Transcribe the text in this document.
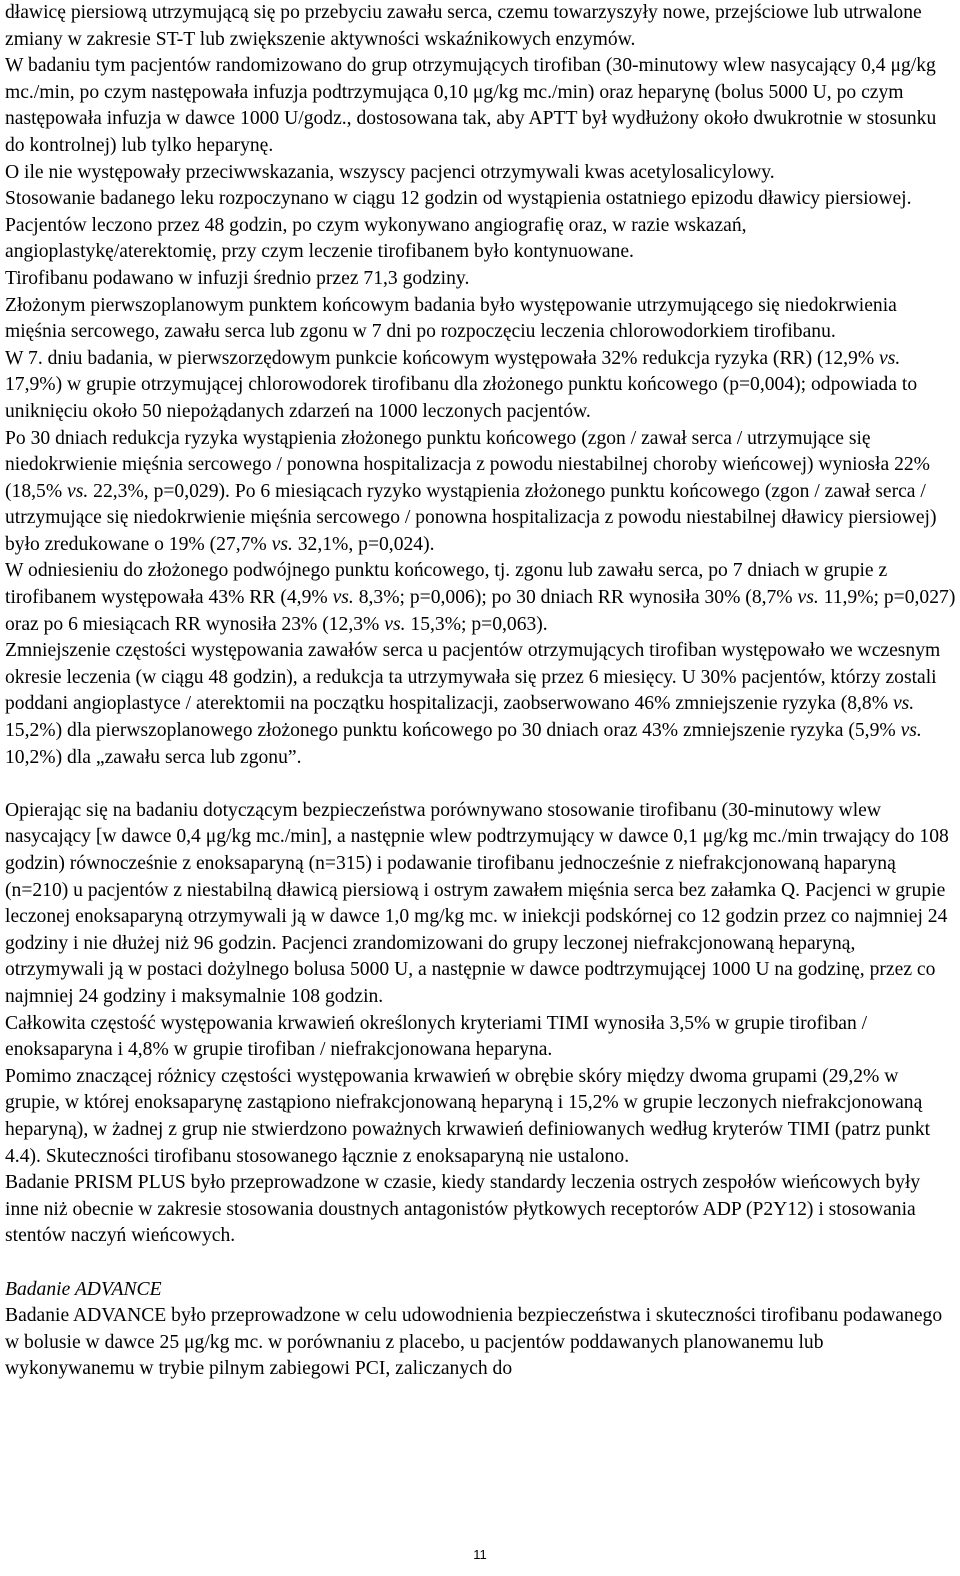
dławicę piersiową utrzymującą się po przebyciu zawału serca, czemu towarzyszyły nowe, przejściowe lub utrwalone zmiany w zakresie ST-T lub zwiększenie aktywności wskaźnikowych enzymów.

W badaniu tym pacjentów randomizowano do grup otrzymujących tirofiban (30-minutowy wlew nasycający 0,4 μg/kg mc./min, po czym następowała infuzja podtrzymująca 0,10 μg/kg mc./min) oraz heparynę (bolus 5000 U, po czym następowała infuzja w dawce 1000 U/godz., dostosowana tak, aby APTT był wydłużony około dwukrotnie w stosunku do kontrolnej) lub tylko heparynę.

O ile nie występowały przeciwwskazania, wszyscy pacjenci otrzymywali kwas acetylosalicylowy.

Stosowanie badanego leku rozpoczynano w ciągu 12 godzin od wystąpienia ostatniego epizodu dławicy piersiowej. Pacjentów leczono przez 48 godzin, po czym wykonywano angiografię oraz, w razie wskazań, angioplastykę/aterektomię, przy czym leczenie tirofibanem było kontynuowane.

Tirofibanu podawano w infuzji średnio przez 71,3 godziny.

Złożonym pierwszoplanowym punktem końcowym badania było występowanie utrzymującego się niedokrwienia mięśnia sercowego, zawału serca lub zgonu w 7 dni po rozpoczęciu leczenia chlorowodorkiem tirofibanu.

W 7. dniu badania, w pierwszorzędowym punkcie końcowym występowała 32% redukcja ryzyka (RR) (12,9% vs. 17,9%) w grupie otrzymującej chlorowodorek tirofibanu dla złożonego punktu końcowego (p=0,004); odpowiada to uniknięciu około 50 niepożądanych zdarzeń na 1000 leczonych pacjentów.

Po 30 dniach redukcja ryzyka wystąpienia złożonego punktu końcowego (zgon / zawał serca / utrzymujące się niedokrwienie mięśnia sercowego / ponowna hospitalizacja z powodu niestabilnej choroby wieńcowej) wyniosła 22% (18,5% vs. 22,3%, p=0,029). Po 6 miesiącach ryzyko wystąpienia złożonego punktu końcowego (zgon / zawał serca / utrzymujące się niedokrwienie mięśnia sercowego / ponowna hospitalizacja z powodu niestabilnej dławicy piersiowej) było zredukowane o 19% (27,7% vs. 32,1%, p=0,024).

W odniesieniu do złożonego podwójnego punktu końcowego, tj. zgonu lub zawału serca, po 7 dniach w grupie z tirofibanem występowała 43% RR (4,9% vs. 8,3%; p=0,006); po 30 dniach RR wynosiła 30% (8,7% vs. 11,9%; p=0,027) oraz po 6 miesiącach RR wynosiła 23% (12,3% vs. 15,3%; p=0,063).

Zmniejszenie częstości występowania zawałów serca u pacjentów otrzymujących tirofiban występowało we wczesnym okresie leczenia (w ciągu 48 godzin), a redukcja ta utrzymywała się przez 6 miesięcy. U 30% pacjentów, którzy zostali poddani angioplastyce / aterektomii na początku hospitalizacji, zaobserwowano 46% zmniejszenie ryzyka (8,8% vs. 15,2%) dla pierwszoplanowego złożonego punktu końcowego po 30 dniach oraz 43% zmniejszenie ryzyka (5,9% vs. 10,2%) dla „zawału serca lub zgonu”.

Opierając się na badaniu dotyczącym bezpieczeństwa porównywano stosowanie tirofibanu (30-minutowy wlew nasycający [w dawce 0,4 μg/kg mc./min], a następnie wlew podtrzymujący w dawce 0,1 μg/kg mc./min trwający do 108 godzin) równocześnie z enoksaparyną (n=315) i podawanie tirofibanu jednocześnie z niefrakcjonowaną haparyną (n=210) u pacjentów z niestabilną dławicą piersiową i ostrym zawałem mięśnia serca bez załamka Q. Pacjenci w grupie leczonej enoksaparyną otrzymywali ją w dawce 1,0 mg/kg mc. w iniekcji podskórnej co 12 godzin przez co najmniej 24 godziny i nie dłużej niż 96 godzin. Pacjenci zrandomizowani do grupy leczonej niefrakcjonowaną heparyną, otrzymywali ją w postaci dożylnego bolusa 5000 U, a następnie w dawce podtrzymującej 1000 U na godzinę, przez co najmniej 24 godziny i maksymalnie 108 godzin.

Całkowita częstość występowania krwawień określonych kryteriami TIMI wynosiła 3,5% w grupie tirofiban / enoksaparyna i 4,8% w grupie tirofiban / niefrakcjonowana heparyna.

Pomimo znaczącej różnicy częstości występowania krwawień w obrębie skóry między dwoma grupami (29,2% w grupie, w której enoksaparynę zastąpiono niefrakcjonowaną heparyną i 15,2% w grupie leczonych niefrakcjonowaną heparyną), w żadnej z grup nie stwierdzono poważnych krwawień definiowanych według kryterów TIMI (patrz punkt 4.4). Skuteczności tirofibanu stosowanego łącznie z enoksaparyną nie ustalono.

Badanie PRISM PLUS było przeprowadzone w czasie, kiedy standardy leczenia ostrych zespołów wieńcowych były inne niż obecnie w zakresie stosowania doustnych antagonistów płytkowych receptorów ADP (P2Y12) i stosowania stentów naczyń wieńcowych.

Badanie ADVANCE

Badanie ADVANCE było przeprowadzone w celu udowodnienia bezpieczeństwa i skuteczności tirofibanu podawanego w bolusie w dawce 25 μg/kg mc. w porównaniu z placebo, u pacjentów poddawanych planowanemu lub wykonywanemu w trybie pilnym zabiegowi PCI, zaliczanych do

11
